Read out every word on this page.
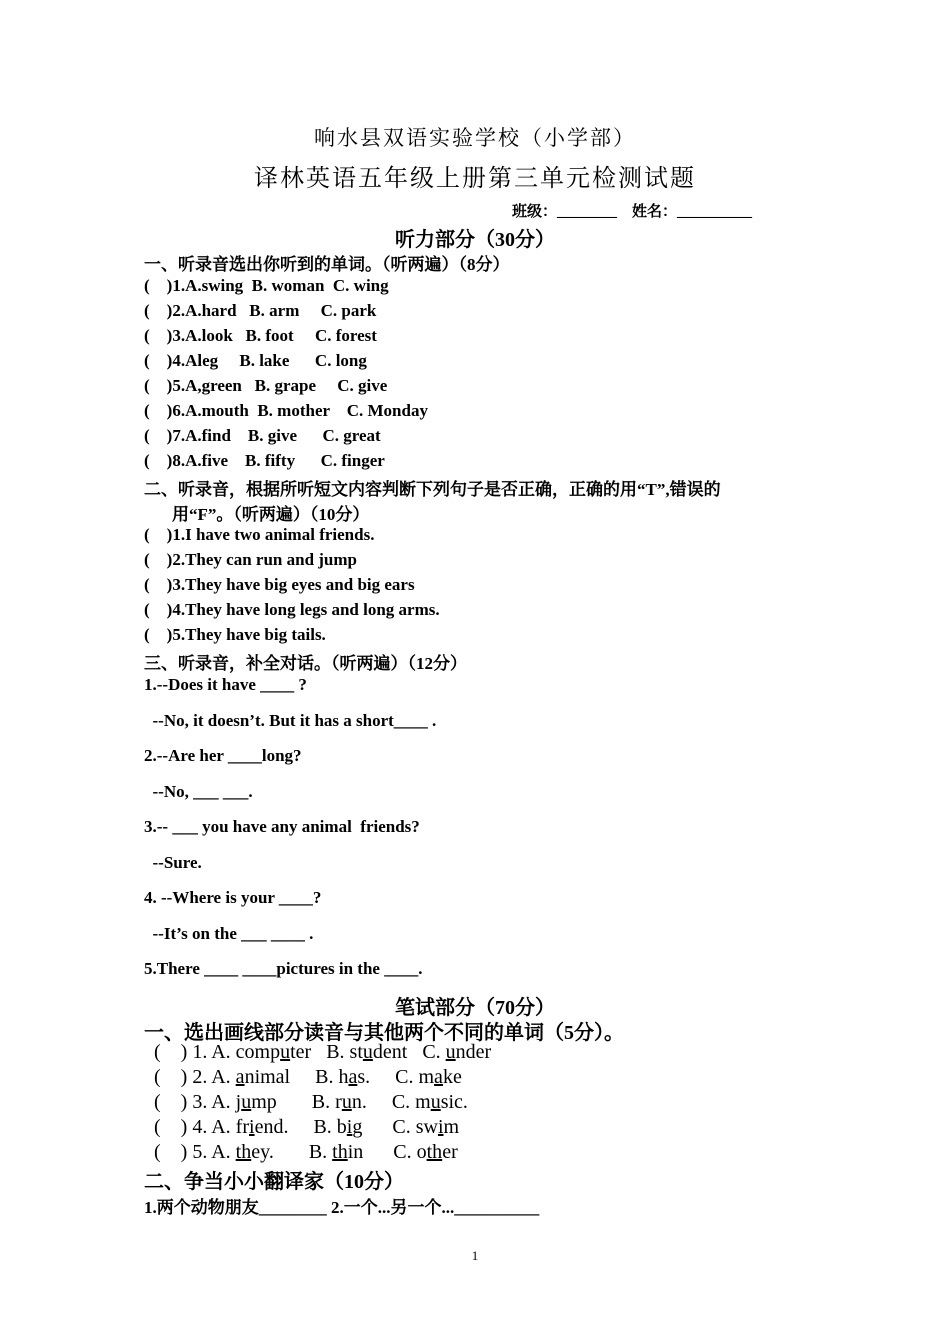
响水县双语实验学校（小学部）
译林英语五年级上册第三单元检测试题
班级：________ 姓名：__________
听力部分（30分）
一、听录音选出你听到的单词。（听两遍）（8分）
(    )1.A.swing  B. woman  C. wing
(    )2.A.hard   B. arm     C. park
(    )3.A.look   B. foot     C. forest
(    )4.Aleg     B. lake      C. long
(    )5.A,green   B. grape     C. give
(    )6.A.mouth  B. mother    C. Monday
(    )7.A.find    B. give      C. great
(    )8.A.five    B. fifty      C. finger
二、听录音，根据所听短文内容判断下列句子是否正确，正确的用“T”,错误的
用“F”。（听两遍）（10分）
(    )1.I have two animal friends.
(    )2.They can run and jump
(    )3.They have big eyes and big ears
(    )4.They have long legs and long arms.
(    )5.They have big tails.
三、听录音，补全对话。（听两遍）（12分）
1.--Does it have ____ ?
--No, it doesn’t. But it has a short____ .
2.--Are her ____long?
--No, ___ ___.
3.-- ___ you have any animal  friends?
--Sure.
4. --Where is your ____?
--It’s on the ___ ____ .
5.There ____ ____pictures in the ____.
笔试部分（70分）
一、选出画线部分读音与其他两个不同的单词（5分）。
(    ) 1. A. computer   B. student   C. under
(    ) 2. A. animal     B. has.     C. make
(    ) 3. A. jump       B. run.     C. music.
(    ) 4. A. friend.     B. big      C. swim
(    ) 5. A. they.       B. thin      C. other
二、争当小小翻译家（10分）
1.两个动物朋友________ 2.一个...另一个...__________
1
